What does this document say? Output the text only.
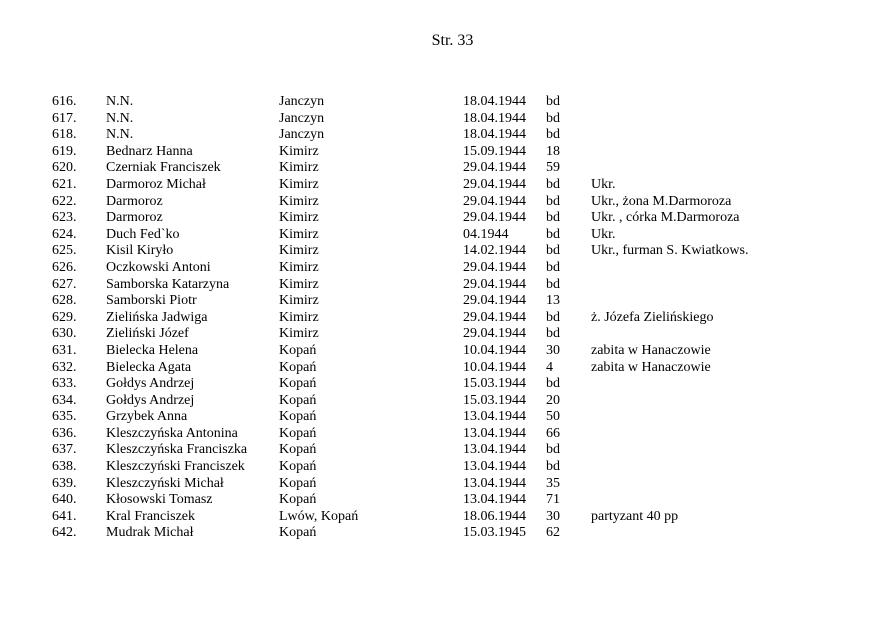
Str. 33
616. N.N.	Janczyn	18.04.1944 bd
617. N.N.	Janczyn	18.04.1944 bd
618. N.N.	Janczyn	18.04.1944 bd
619. Bednarz Hanna	Kimirz	15.09.1944 18
620. Czerniak Franciszek	Kimirz	29.04.1944 59
621. Darmoroz Michał	Kimirz	29.04.1944 bd Ukr.
622. Darmoroz	Kimirz	29.04.1944 bd Ukr., żona M.Darmoroza
623. Darmoroz	Kimirz	29.04.1944 bd Ukr. , córka M.Darmoroza
624. Duch Fed`ko	Kimirz	04.1944	bd Ukr.
625. Kisil Kiryło	Kimirz	14.02.1944 bd Ukr., furman S. Kwiatkows.
626. Oczkowski Antoni	Kimirz	29.04.1944 bd
627. Samborska Katarzyna	Kimirz	29.04.1944 bd
628. Samborski Piotr	Kimirz	29.04.1944 13
629. Zielińska Jadwiga	Kimirz	29.04.1944 bd ż. Józefa Zielińskiego
630. Zieliński Józef	Kimirz	29.04.1944 bd
631. Bielecka Helena	Kopań	10.04.1944 30 zabita w Hanaczowie
632. Bielecka Agata	Kopań	10.04.1944 4	zabita w Hanaczowie
633. Gołdys Andrzej	Kopań	15.03.1944 bd
634. Gołdys Andrzej	Kopań	15.03.1944 20
635. Grzybek Anna	Kopań	13.04.1944 50
636. Kleszczyńska Antonina	Kopań	13.04.1944 66
637. Kleszczyńska Franciszka Kopań	13.04.1944 bd
638. Kleszczyński Franciszek Kopań	13.04.1944 bd
639. Kleszczyński Michał	Kopań	13.04.1944 35
640. Kłosowski Tomasz	Kopań	13.04.1944 71
641. Kral Franciszek	Lwów, Kopań	18.06.1944 30 partyzant 40 pp
642. Mudrak Michał	Kopań	15.03.1945 62
